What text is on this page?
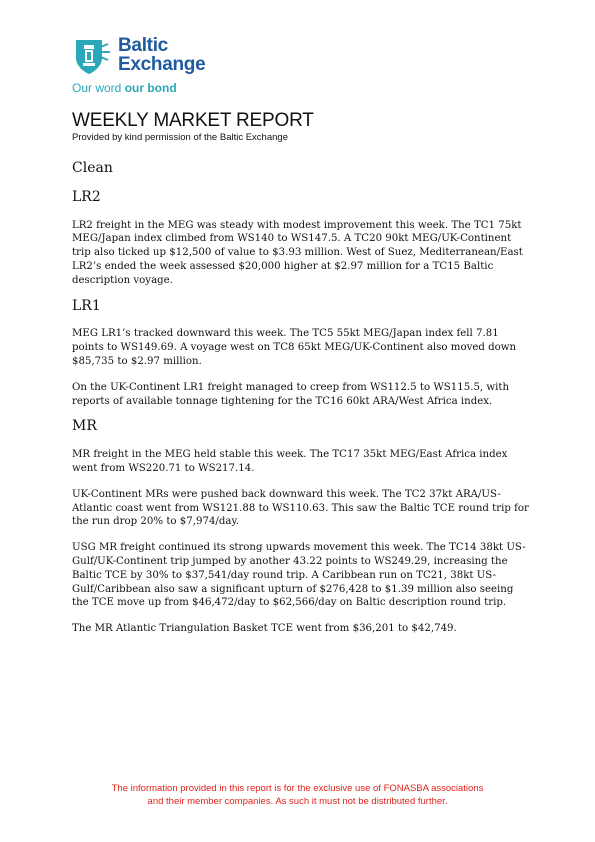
Baltic
Exchange
Our word our bond
WEEKLY MARKET REPORT
Provided by kind permission of the Baltic Exchange
Clean
LR2

LR2 freight in the MEG was steady with modest improvement this week. The TC1 75kt MEG/Japan index climbed from WS140 to WS147.5. A TC20 90kt MEG/UK-Continent trip also ticked up $12,500 of value to $3.93 million. West of Suez, Mediterranean/East LR2’s ended the week assessed $20,000 higher at $2.97 million for a TC15 Baltic description voyage.

LR1

MEG LR1’s tracked downward this week. The TC5 55kt MEG/Japan index fell 7.81 points to WS149.69. A voyage west on TC8 65kt MEG/UK-Continent also moved down $85,735 to $2.97 million.

On the UK-Continent LR1 freight managed to creep from WS112.5 to WS115.5, with reports of available tonnage tightening for the TC16 60kt ARA/West Africa index.

MR

MR freight in the MEG held stable this week. The TC17 35kt MEG/East Africa index went from WS220.71 to WS217.14.

UK-Continent MRs were pushed back downward this week. The TC2 37kt ARA/US-Atlantic coast went from WS121.88 to WS110.63. This saw the Baltic TCE round trip for the run drop 20% to $7,974/day.

USG MR freight continued its strong upwards movement this week. The TC14 38kt US-Gulf/UK-Continent trip jumped by another 43.22 points to WS249.29, increasing the Baltic TCE by 30% to $37,541/day round trip. A Caribbean run on TC21, 38kt US-Gulf/Caribbean also saw a significant upturn of $276,428 to $1.39 million also seeing the TCE move up from $46,472/day to $62,566/day on Baltic description round trip.

The MR Atlantic Triangulation Basket TCE went from $36,201 to $42,749.

The information provided in this report is for the exclusive use of FONASBA associations
and their member companies. As such it must not be distributed further.
